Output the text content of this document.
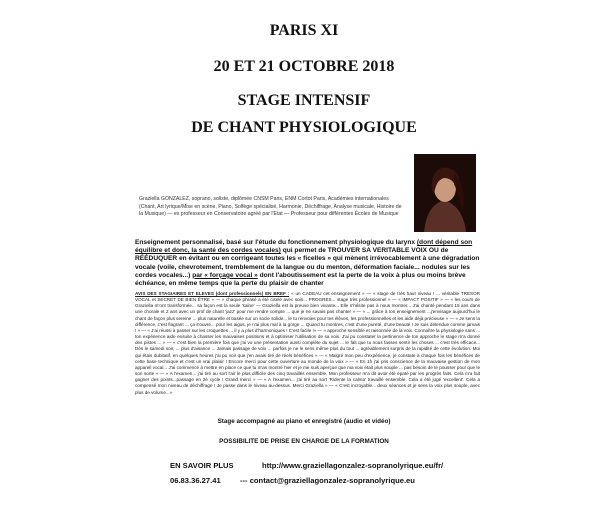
PARIS XI
20 ET 21 OCTOBRE 2018
STAGE INTENSIF
DE CHANT PHYSIOLOGIQUE
Graziella GONZALEZ, soprano, soliste, diplômée CNSM Paris, ENM Cortot Paris, Académies internationales (Chant, Art lyrique/Mise en scène, Piano, Solfège spécialisé, Harmonie, Déchiffrage, Analyse musicale, Histoire de la Musique) — ex professeur en Conservatoire agréé par l'Etat — Professeur pour différentes Écoles de Musique
Enseignement personnalisé, basé sur l'étude du fonctionnement physiologique du larynx (dont dépend son équilibre et donc, la santé des cordes vocales) qui permet de TROUVER SA VERITABLE VOIX OU de RÉÉDUQUER en évitant ou en corrigeant toutes les « ficelles » qui mènent irrévocablement à une dégradation vocale (voile, chevrotement, tremblement de la langue ou du menton, déformation faciale... nodules sur les cordes vocales...) par « forçage vocal » dont l'aboutissement est la perte de la voix à plus ou moins brève échéance, en même temps que la perte du plaisir de chanter
AVIS DES STAGIAIRES ET ELEVES (dont professionnels) EN BREF : « un CADEAU cet enseignement » — « stage de très haut niveau ! ... véritable TRESOR VOCAL et SECRET DE BIEN ÊTRE » — « chaque phrasé a été ciselé avec soin... PROGRES... stage très professionnel » — « IMPACT POSITIF » — « les cours de Graziella m'ont transformée... sa façon est la seule 'saine' — Graziella est la preuve bien vivante... Elle n'hésite pas à nous montrer... J'ai chanté pendant 15 ans dans une chorale et 2 ans avec un prof de chant 'jazz' pour me rendre compte ... que je ne savais pas chanter » — « ... grâce à ton enseignement ...j'envisage aujourd'hui le chant de façon plus sereine ... plus naturelle et basée sur un socle solide... le tu renvoies pour tes élèves, les professionnelles et les aide déjà précieuse » — « Je sens la différence, c'est flagrant ... ça s'ouvre... pour les aigus, je n'ai plus mal à la gorge ... Quand tu montres, c'est d'une pureté, d'une beauté ! Je suis détendue comme jamais ! » — « J'ai réussi à passer sur les croquettes ... il y a plus d'harmoniques ! C'est facile !» — « approche sensible et raisonnée de la voix. Connaître la physiologie sans ... ton expérience aide ensuite à chasser les mauvaises positions et à optimiser l'utilisation de sa voix. J'ai pu constater la pertinence de ton approche le stage m'a donné des pistes ... » — « c'est bien la première fois que j'ai vu une présentation aussi complète du sujet ... le fait que tu nous fasses sentir les choses ... c'est très efficace... Dès le samedi soir, ... plus d'aisance ... Jamais passage de voix ... parfois je ne le sens même plus du tout ... agréablement surpris de la rapidité de cette évolution. Moi qui étais dubitatif, en quelques heures j'ai pu voir que j'en avais tiré de réels bénéfices » — « Malgré mon peu d'expérience, je constate à chaque fois les bénéfices de cette base technique et c'est un vrai plaisir ! Encore merci pour cette ouverture au monde de la voix » — « En 1h j'ai pris conscience de la mauvaise gestion de mon appareil vocal... J'ai commencé à mettre en place ce que tu m'as montré hier et je me suis aperçue que ma voix était plus souple ... pas besoin de te pousser pour que le son sorte » — « A l'examen... j'ai tiré au sort l'air le plus difficile des cinq travaillés ensemble. Mon professeur m'a dit avoir été épaté par les progrès faits. Cela m'a fait gagner des points...passage en 2è cycle ! Grand merci » — « A l'examen... j'ai tiré au sort 'Ridente la calma' travaillé ensemble. Cela a été jugé 'excellent'. Cela a compensé mon niveau de déchiffrage ! Je passe dans le niveau au-dessus. Merci Graziella » — « C'est incroyable... deux séances et je sens la voix plus souple, avec plus de volume...»
Stage accompagné au piano et enregistré (audio et vidéo)
POSSIBILITE DE PRISE EN CHARGE DE LA FORMATION
EN SAVOIR PLUS	http://www.graziellagonzalez-sopranolyrique.eu/fr/
06.83.36.27.41	--- contact@graziellagonzalez-sopranolyrique.eu
